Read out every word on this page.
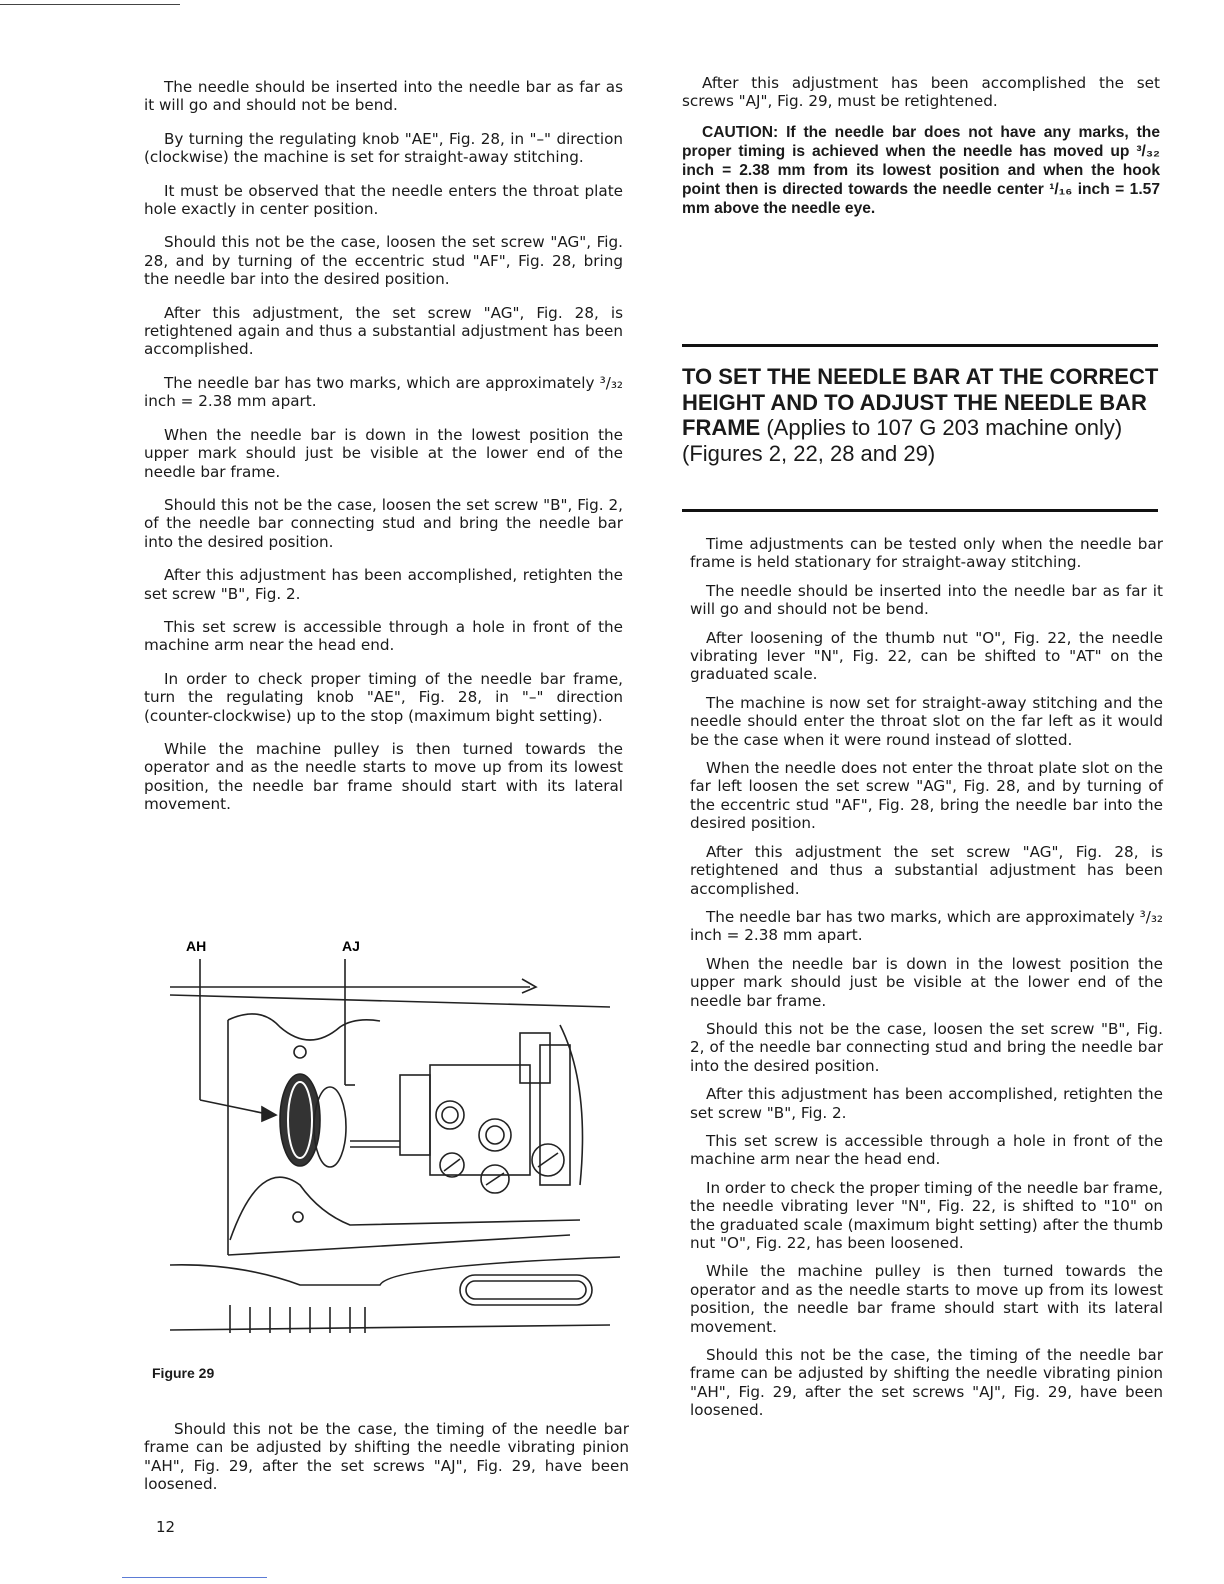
The needle should be inserted into the needle bar as far as it will go and should not be bend.

By turning the regulating knob "AE", Fig. 28, in "–" direction (clockwise) the machine is set for straight-away stitching.

It must be observed that the needle enters the throat plate hole exactly in center position.

Should this not be the case, loosen the set screw "AG", Fig. 28, and by turning of the eccentric stud "AF", Fig. 28, bring the needle bar into the desired position.

After this adjustment, the set screw "AG", Fig. 28, is retightened again and thus a substantial adjustment has been accomplished.

The needle bar has two marks, which are approximately ³/₃₂ inch = 2.38 mm apart.

When the needle bar is down in the lowest position the upper mark should just be visible at the lower end of the needle bar frame.

Should this not be the case, loosen the set screw "B", Fig. 2, of the needle bar connecting stud and bring the needle bar into the desired position.

After this adjustment has been accomplished, retighten the set screw "B", Fig. 2.

This set screw is accessible through a hole in front of the machine arm near the head end.

In order to check proper timing of the needle bar frame, turn the regulating knob "AE", Fig. 28, in "–" direction (counter-clockwise) up to the stop (maximum bight setting).

While the machine pulley is then turned towards the operator and as the needle starts to move up from its lowest position, the needle bar frame should start with its lateral movement.

AH	AJ
Figure 29

Should this not be the case, the timing of the needle bar frame can be adjusted by shifting the needle vibrating pinion "AH", Fig. 29, after the set screws "AJ", Fig. 29, have been loosened.

12

After this adjustment has been accomplished the set screws "AJ", Fig. 29, must be retightened.

CAUTION: If the needle bar does not have any marks, the proper timing is achieved when the needle has moved up ³/₃₂ inch = 2.38 mm from its lowest position and when the hook point then is directed towards the needle center ¹/₁₆ inch = 1.57 mm above the needle eye.

TO SET THE NEEDLE BAR AT THE CORRECT HEIGHT AND TO ADJUST THE NEEDLE BAR FRAME (Applies to 107 G 203 machine only)
(Figures 2, 22, 28 and 29)

Time adjustments can be tested only when the needle bar frame is held stationary for straight-away stitching.

The needle should be inserted into the needle bar as far it will go and should not be bend.

After loosening of the thumb nut "O", Fig. 22, the needle vibrating lever "N", Fig. 22, can be shifted to "AT" on the graduated scale.

The machine is now set for straight-away stitching and the needle should enter the throat slot on the far left as it would be the case when it were round instead of slotted.

When the needle does not enter the throat plate slot on the far left loosen the set screw "AG", Fig. 28, and by turning of the eccentric stud "AF", Fig. 28, bring the needle bar into the desired position.

After this adjustment the set screw "AG", Fig. 28, is retightened and thus a substantial adjustment has been accomplished.

The needle bar has two marks, which are approximately ³/₃₂ inch = 2.38 mm apart.

When the needle bar is down in the lowest position the upper mark should just be visible at the lower end of the needle bar frame.

Should this not be the case, loosen the set screw "B", Fig. 2, of the needle bar connecting stud and bring the needle bar into the desired position.

After this adjustment has been accomplished, retighten the set screw "B", Fig. 2.

This set screw is accessible through a hole in front of the machine arm near the head end.

In order to check the proper timing of the needle bar frame, the needle vibrating lever "N", Fig. 22, is shifted to "10" on the graduated scale (maximum bight setting) after the thumb nut "O", Fig. 22, has been loosened.

While the machine pulley is then turned towards the operator and as the needle starts to move up from its lowest position, the needle bar frame should start with its lateral movement.

Should this not be the case, the timing of the needle bar frame can be adjusted by shifting the needle vibrating pinion "AH", Fig. 29, after the set screws "AJ", Fig. 29, have been loosened.
